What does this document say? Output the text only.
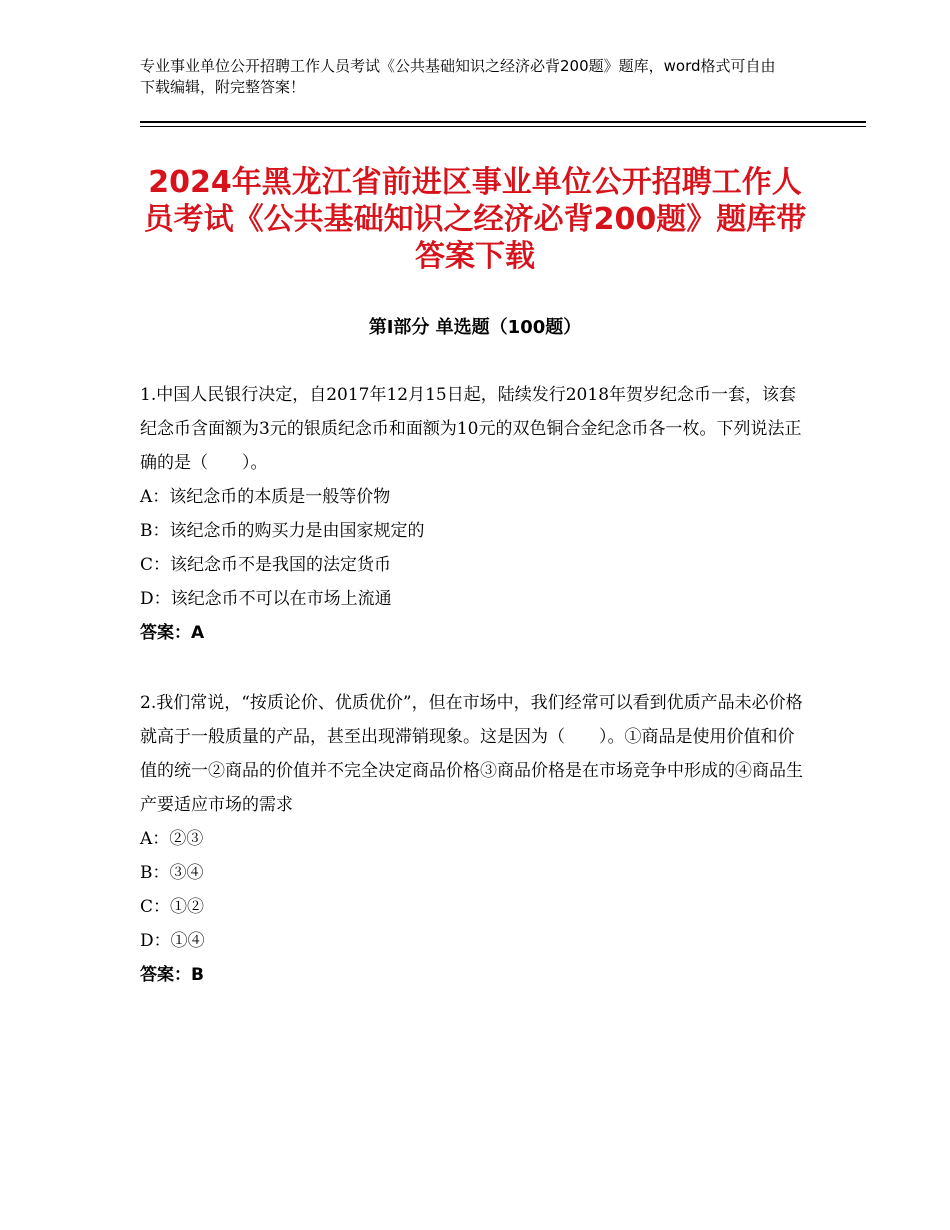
专业事业单位公开招聘工作人员考试《公共基础知识之经济必背200题》题库，word格式可自由下载编辑，附完整答案！
2024年黑龙江省前进区事业单位公开招聘工作人员考试《公共基础知识之经济必背200题》题库带答案下载
第I部分 单选题（100题）

1.中国人民银行决定，自2017年12月15日起，陆续发行2018年贺岁纪念币一套，该套纪念币含面额为3元的银质纪念币和面额为10元的双色铜合金纪念币各一枚。下列说法正确的是（　　）。

A：该纪念币的本质是一般等价物

B：该纪念币的购买力是由国家规定的

C：该纪念币不是我国的法定货币

D：该纪念币不可以在市场上流通

答案：A

2.我们常说，“按质论价、优质优价”，但在市场中，我们经常可以看到优质产品未必价格就高于一般质量的产品，甚至出现滞销现象。这是因为（　　）。①商品是使用价值和价值的统一②商品的价值并不完全决定商品价格③商品价格是在市场竞争中形成的④商品生产要适应市场的需求

A：②③

B：③④

C：①②

D：①④

答案：B
